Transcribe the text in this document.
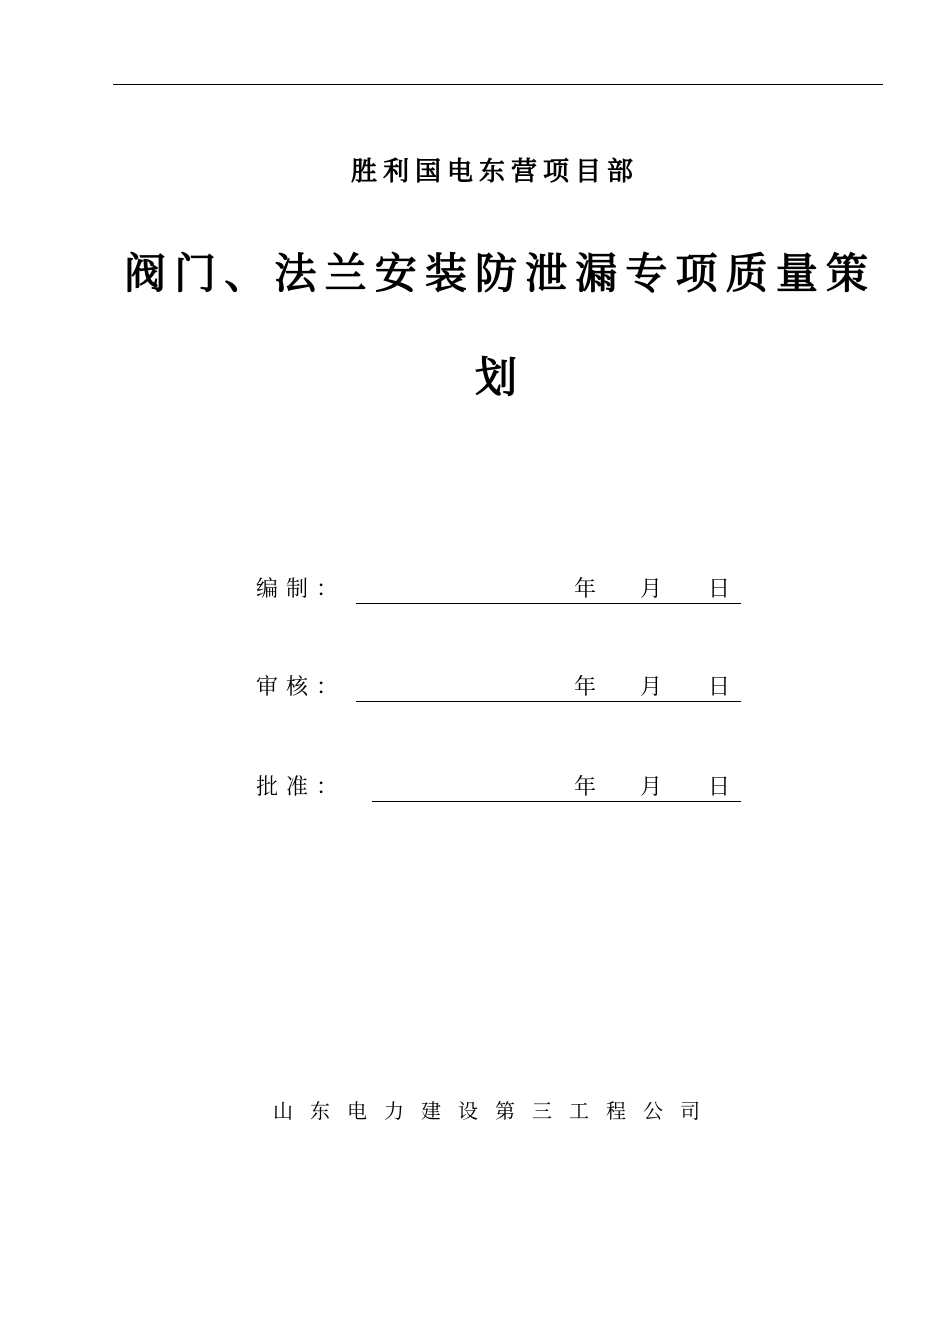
胜利国电东营项目部
阀门、法兰安装防泄漏专项质量策
划
编制：	年 月 日
审核：	年 月 日
批准：	年 月 日
山东电力建设第三工程公司
